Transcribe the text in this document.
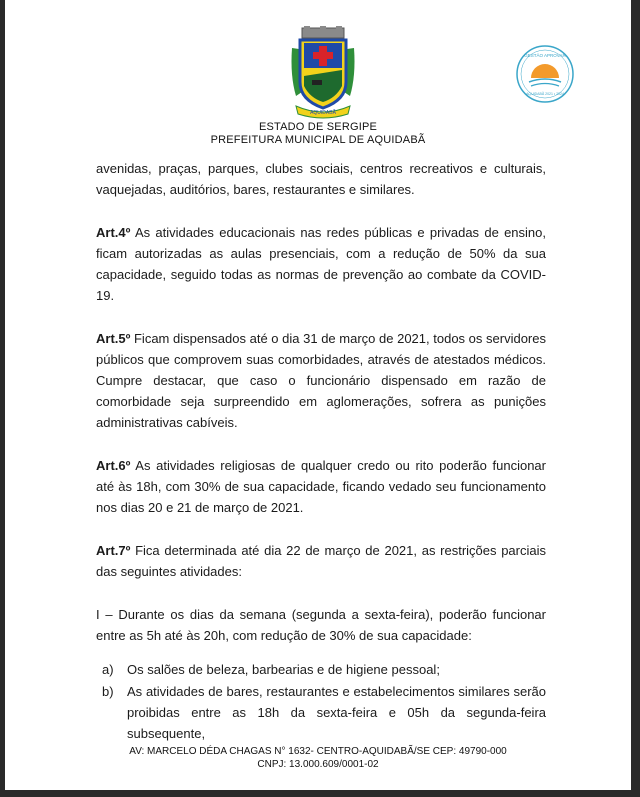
AQUIDABÃ
GESTÃO APROVAR
AQUIDABÃ 2021 • 2024
ESTADO DE SERGIPE
PREFEITURA MUNICIPAL DE AQUIDABÃ

avenidas, praças, parques, clubes sociais, centros recreativos e culturais, vaquejadas, auditórios, bares, restaurantes e similares.

Art.4º As atividades educacionais nas redes públicas e privadas de ensino, ficam autorizadas as aulas presenciais, com a redução de 50% da sua capacidade, seguido todas as normas de prevenção ao combate da COVID-19.

Art.5º Ficam dispensados até o dia 31 de março de 2021, todos os servidores públicos que comprovem suas comorbidades, através de atestados médicos. Cumpre destacar, que caso o funcionário dispensado em razão de comorbidade seja surpreendido em aglomerações, sofrera as punições administrativas cabíveis.

Art.6º As atividades religiosas de qualquer credo ou rito poderão funcionar até às 18h, com 30% de sua capacidade, ficando vedado seu funcionamento nos dias 20 e 21 de março de 2021.

Art.7º Fica determinada até dia 22 de março de 2021, as restrições parciais das seguintes atividades:

I – Durante os dias da semana (segunda a sexta-feira), poderão funcionar entre as 5h até às 20h, com redução de 30% de sua capacidade:

a) Os salões de beleza, barbearias e de higiene pessoal;
b) As atividades de bares, restaurantes e estabelecimentos similares serão proibidas entre as 18h da sexta-feira e 05h da segunda-feira subsequente,
AV: MARCELO DÉDA CHAGAS N° 1632- CENTRO-AQUIDABÃ/SE CEP: 49790-000
CNPJ: 13.000.609/0001-02
